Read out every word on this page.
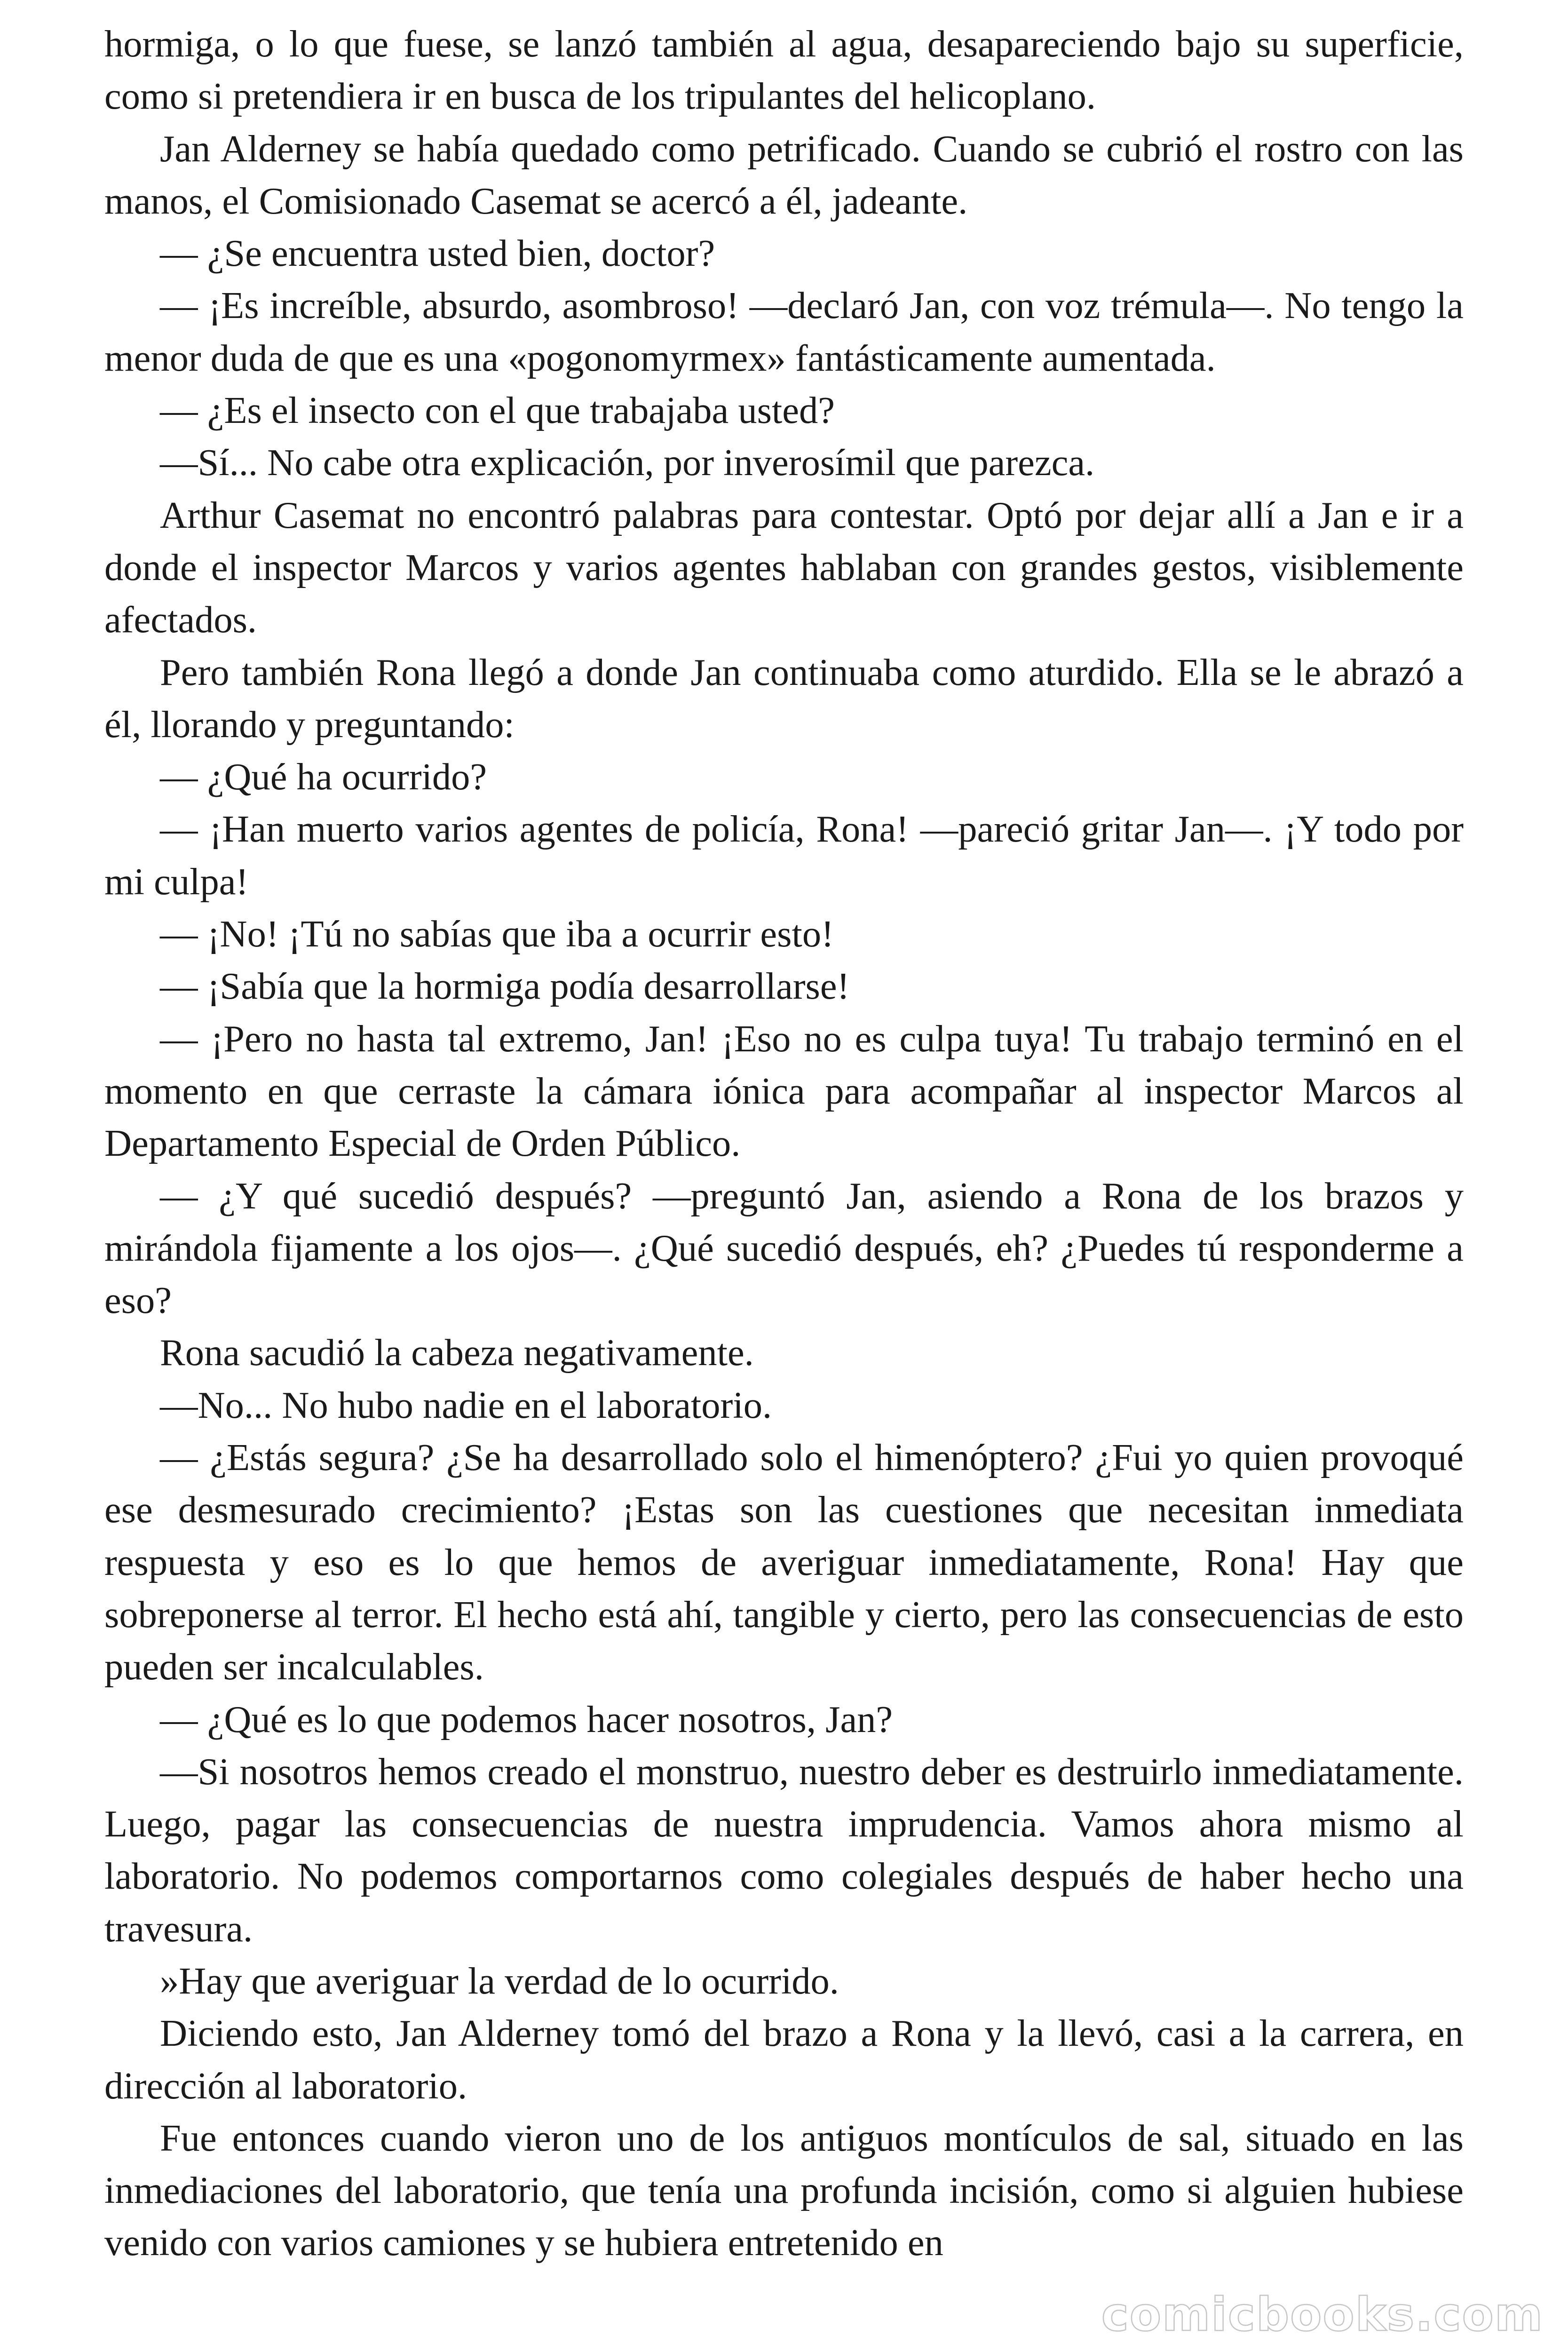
hormiga, o lo que fuese, se lanzó también al agua, desapareciendo bajo su superficie, como si pretendiera ir en busca de los tripulantes del helicoplano.

Jan Alderney se había quedado como petrificado. Cuando se cubrió el rostro con las manos, el Comisionado Casemat se acercó a él, jadeante.

— ¿Se encuentra usted bien, doctor?

— ¡Es increíble, absurdo, asombroso! —declaró Jan, con voz trémula—. No tengo la menor duda de que es una «pogonomyrmex» fantásticamente aumentada.

— ¿Es el insecto con el que trabajaba usted?

—Sí... No cabe otra explicación, por inverosímil que parezca.

Arthur Casemat no encontró palabras para contestar. Optó por dejar allí a Jan e ir a donde el inspector Marcos y varios agentes hablaban con grandes gestos, visiblemente afectados.

Pero también Rona llegó a donde Jan continuaba como aturdido. Ella se le abrazó a él, llorando y preguntando:

— ¿Qué ha ocurrido?

— ¡Han muerto varios agentes de policía, Rona! —pareció gritar Jan—. ¡Y todo por mi culpa!

— ¡No! ¡Tú no sabías que iba a ocurrir esto!

— ¡Sabía que la hormiga podía desarrollarse!

— ¡Pero no hasta tal extremo, Jan! ¡Eso no es culpa tuya! Tu trabajo terminó en el momento en que cerraste la cámara iónica para acompañar al inspector Marcos al Departamento Especial de Orden Público.

— ¿Y qué sucedió después? —preguntó Jan, asiendo a Rona de los brazos y mirándola fijamente a los ojos—. ¿Qué sucedió después, eh? ¿Puedes tú responderme a eso?

Rona sacudió la cabeza negativamente.

—No... No hubo nadie en el laboratorio.

— ¿Estás segura? ¿Se ha desarrollado solo el himenóptero? ¿Fui yo quien provoqué ese desmesurado crecimiento? ¡Estas son las cuestiones que necesitan inmediata respuesta y eso es lo que hemos de averiguar inmediatamente, Rona! Hay que sobreponerse al terror. El hecho está ahí, tangible y cierto, pero las consecuencias de esto pueden ser incalculables.

— ¿Qué es lo que podemos hacer nosotros, Jan?

—Si nosotros hemos creado el monstruo, nuestro deber es destruirlo inmediatamente. Luego, pagar las consecuencias de nuestra imprudencia. Vamos ahora mismo al laboratorio. No podemos comportarnos como colegiales después de haber hecho una travesura.

»Hay que averiguar la verdad de lo ocurrido.

Diciendo esto, Jan Alderney tomó del brazo a Rona y la llevó, casi a la carrera, en dirección al laboratorio.

Fue entonces cuando vieron uno de los antiguos montículos de sal, situado en las inmediaciones del laboratorio, que tenía una profunda incisión, como si alguien hubiese venido con varios camiones y se hubiera entretenido en

comicbooks.com
